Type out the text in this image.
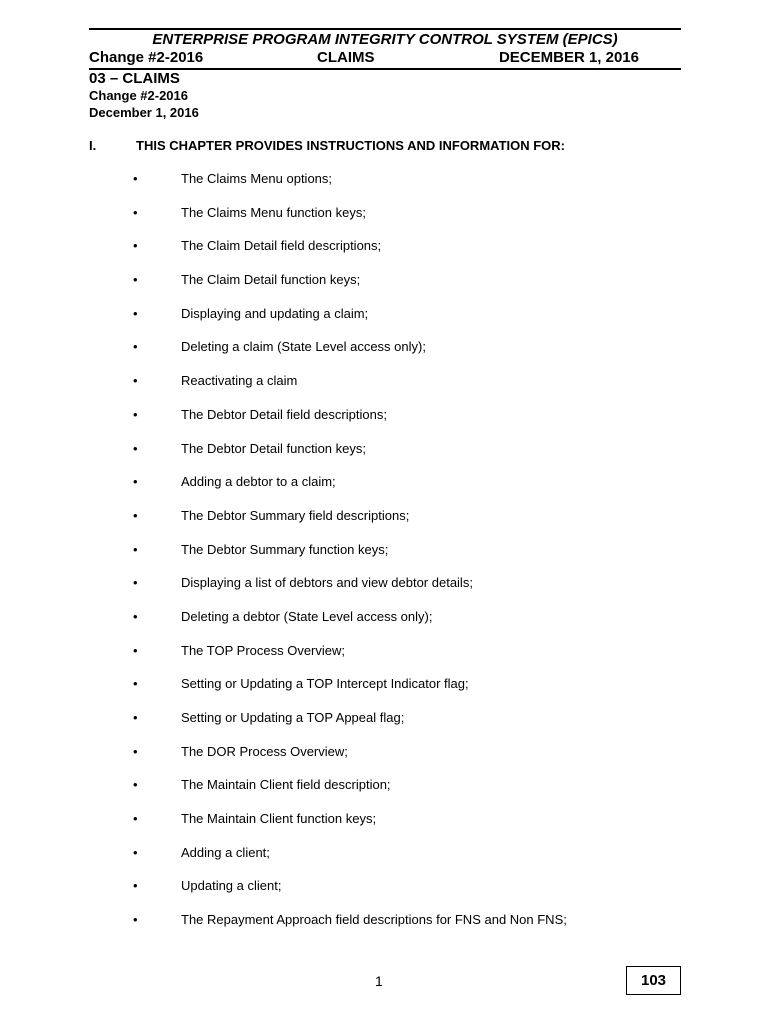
ENTERPRISE PROGRAM INTEGRITY CONTROL SYSTEM (EPICS)
Change #2-2016	CLAIMS	DECEMBER 1, 2016
03 – CLAIMS
Change #2-2016
December 1, 2016
I.	THIS CHAPTER PROVIDES INSTRUCTIONS AND INFORMATION FOR:
•	The Claims Menu options;
•	The Claims Menu function keys;
•	The Claim Detail field descriptions;
•	The Claim Detail function keys;
•	Displaying and updating a claim;
•	Deleting a claim (State Level access only);
•	Reactivating a claim
•	The Debtor Detail field descriptions;
•	The Debtor Detail function keys;
•	Adding a debtor to a claim;
•	The Debtor Summary field descriptions;
•	The Debtor Summary function keys;
•	Displaying a list of debtors and view debtor details;
•	Deleting a debtor (State Level access only);
•	The TOP Process Overview;
•	Setting or Updating a TOP Intercept Indicator flag;
•	Setting or Updating a TOP Appeal flag;
•	The DOR Process Overview;
•	The Maintain Client field description;
•	The Maintain Client function keys;
•	Adding a client;
•	Updating a client;
•	The Repayment Approach field descriptions for FNS and Non FNS;
1	103
